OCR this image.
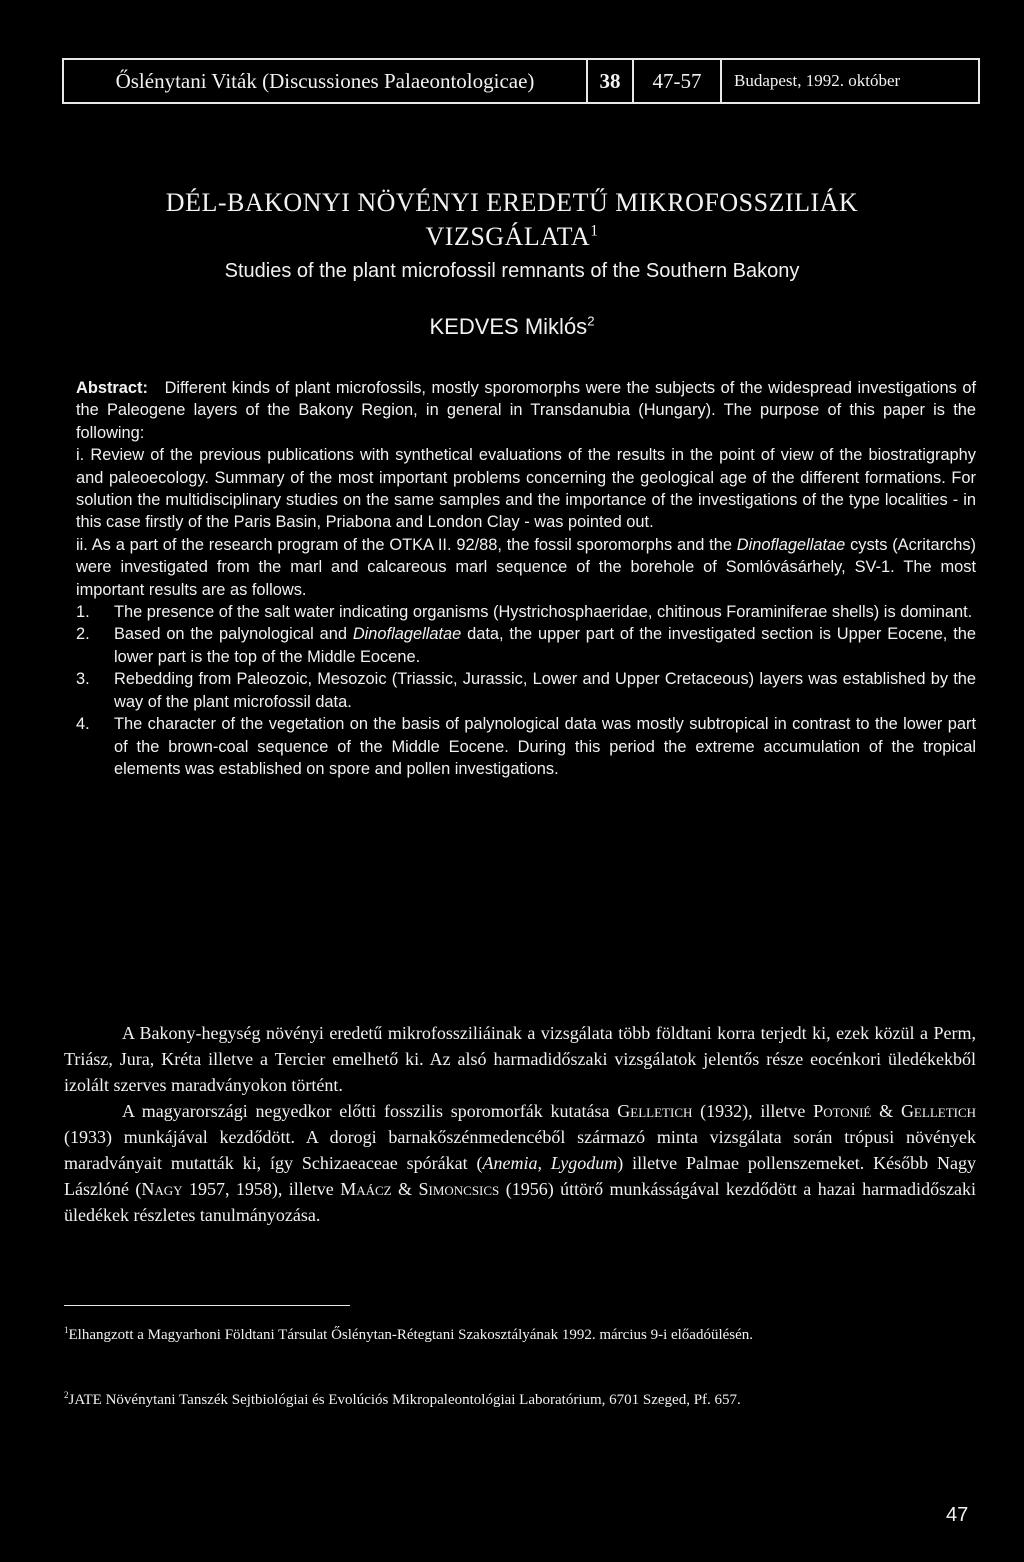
Őslénytani Viták (Discussiones Palaeontologicae)	38	47-57	Budapest, 1992. október
DÉL-BAKONYI NÖVÉNYI EREDETŰ MIKROFOSSZILIÁK
VIZSGÁLATA$^1$
Studies of the plant microfossil remnants of the Southern Bakony
KEDVES Miklós$^2$

Abstract: Different kinds of plant microfossils, mostly sporomorphs were the subjects of the widespread investigations of the Paleogene layers of the Bakony Region, in general in Transdanubia (Hungary). The purpose of this paper is the following:

i. Review of the previous publications with synthetical evaluations of the results in the point of view of the biostratigraphy and paleoecology. Summary of the most important problems concerning the geological age of the different formations. For solution the multidisciplinary studies on the same samples and the importance of the investigations of the type localities - in this case firstly of the Paris Basin, Priabona and London Clay - was pointed out.

ii. As a part of the research program of the OTKA II. 92/88, the fossil sporomorphs and the Dinoflagellatae cysts (Acritarchs) were investigated from the marl and calcareous marl sequence of the borehole of Somlóvásárhely, SV-1. The most important results are as follows.

1.	The presence of the salt water indicating organisms (Hystrichosphaeridae, chitinous Foraminiferae shells) is dominant.
2.	Based on the palynological and Dinoflagellatae data, the upper part of the investigated section is Upper Eocene, the lower part is the top of the Middle Eocene.
3.	Rebedding from Paleozoic, Mesozoic (Triassic, Jurassic, Lower and Upper Cretaceous) layers was established by the way of the plant microfossil data.
4.	The character of the vegetation on the basis of palynological data was mostly subtropical in contrast to the lower part of the brown-coal sequence of the Middle Eocene. During this period the extreme accumulation of the tropical elements was established on spore and pollen investigations.

A Bakony-hegység növényi eredetű mikrofossziliáinak a vizsgálata több földtani korra terjedt ki, ezek közül a Perm, Triász, Jura, Kréta illetve a Tercier emelhető ki. Az alsó harmadidőszaki vizsgálatok jelentős része eocénkori üledékekből izolált szerves maradványokon történt.

A magyarországi negyedkor előtti fosszilis sporomorfák kutatása Gelletich (1932), illetve Potonié & Gelletich (1933) munkájával kezdődött. A dorogi barnakőszénmedencéből származó minta vizsgálata során trópusi növények maradványait mutatták ki, így Schizaeaceae spórákat (Anemia, Lygodum) illetve Palmae pollenszemeket. Később Nagy Lászlóné (Nagy 1957, 1958), illetve Maácz & Simoncsics (1956) úttörő munkásságával kezdődött a hazai harmadidőszaki üledékek részletes tanulmányozása.

$^1$Elhangzott a Magyarhoni Földtani Társulat Őslénytan-Rétegtani Szakosztályának 1992. március 9-i előadóülésén.
$^2$JATE Növénytani Tanszék Sejtbiológiai és Evolúciós Mikropaleontológiai Laboratórium, 6701 Szeged, Pf. 657.
47
